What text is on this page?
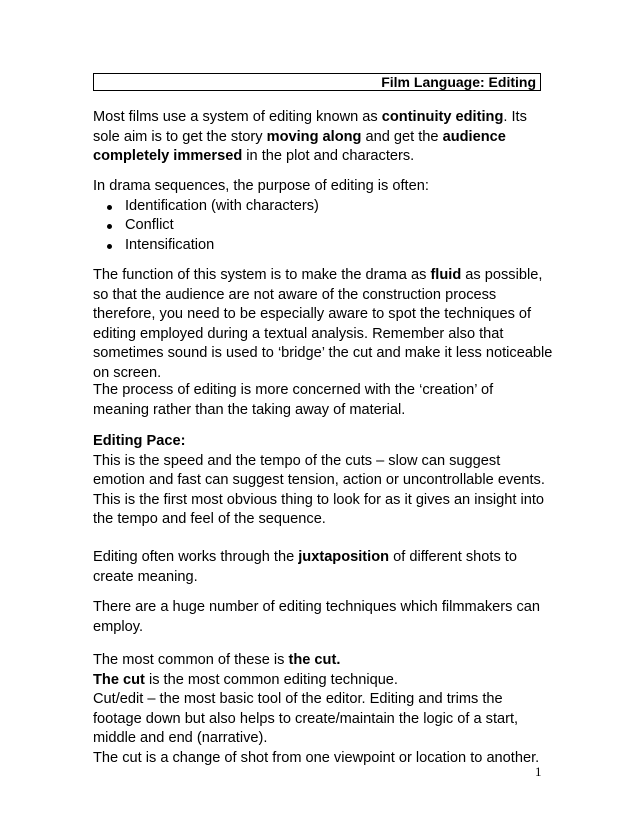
Film Language: Editing

Most films use a system of editing known as continuity editing. Its sole aim is to get the story moving along and get the audience completely immersed in the plot and characters.

In drama sequences, the purpose of editing is often:

Identification (with characters)
Conflict
Intensification

The function of this system is to make the drama as fluid as possible, so that the audience are not aware of the construction process therefore, you need to be especially aware to spot the techniques of editing employed during a textual analysis. Remember also that sometimes sound is used to ‘bridge’ the cut and make it less noticeable on screen.

The process of editing is more concerned with the ‘creation’ of meaning rather than the taking away of material.

Editing Pace:

This is the speed and the tempo of the cuts – slow can suggest emotion and fast can suggest tension, action or uncontrollable events.

This is the first most obvious thing to look for as it gives an insight into the tempo and feel of the sequence.

Editing often works through the juxtaposition of different shots to create meaning.

There are a huge number of editing techniques which filmmakers can employ.

The most common of these is the cut.

The cut is the most common editing technique.

Cut/edit – the most basic tool of the editor. Editing and trims the footage down but also helps to create/maintain the logic of a start, middle and end (narrative).

The cut is a change of shot from one viewpoint or location to another.

1
